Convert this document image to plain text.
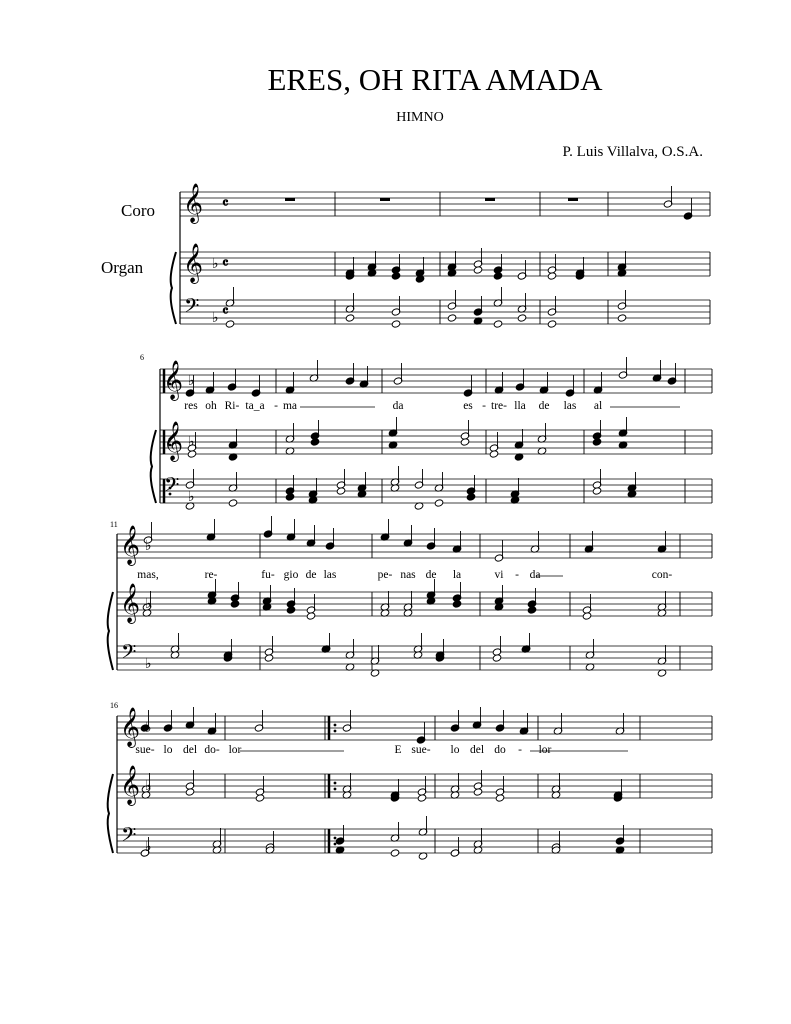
ERES, OH RITA AMADA
HIMNO
P. Luis Villalva, O.S.A.
Coro
Organ
𝄞
𝄞
𝄢
♭
♭
𝄴
𝄴
𝄴
𝄞
𝄞
𝄢
♭
♭
♭
𝄞
𝄞
𝄢
♭
♭
♭
𝄞
𝄞
𝄢
♭
♭
♭
6
11
16
res oh Ri- ta_a - ma	da	es - tre- lla de las al
mas,	re-	fu- gio de las	pe- nas de la	vi - da	con-
sue- lo del do- lor	E sue- lo del do - lor
